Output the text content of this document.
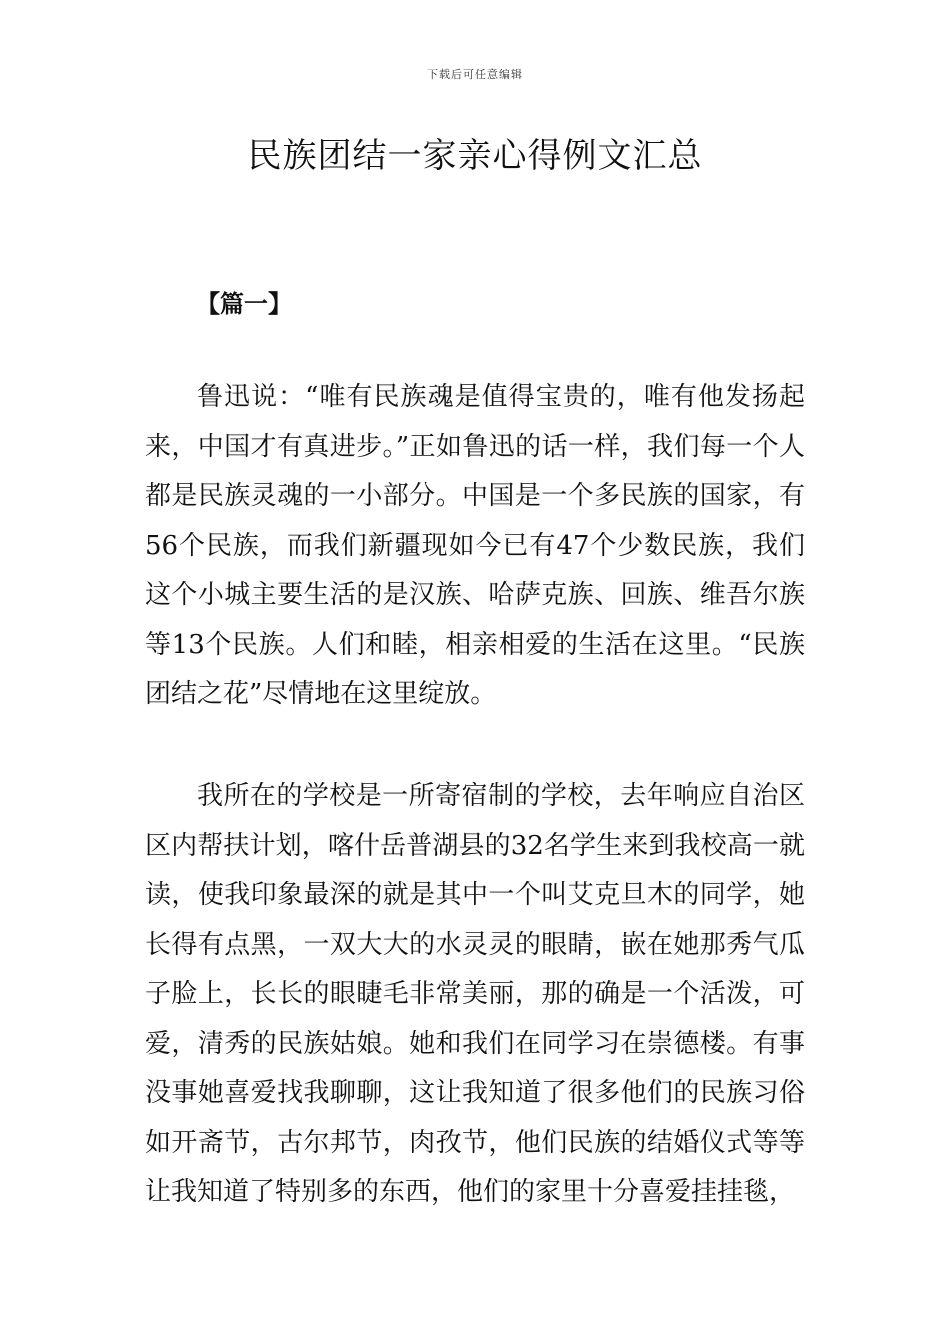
下载后可任意编辑
民族团结一家亲心得例文汇总
【篇一】

鲁迅说：“唯有民族魂是值得宝贵的，唯有他发扬起来，中国才有真进步。”正如鲁迅的话一样，我们每一个人都是民族灵魂的一小部分。中国是一个多民族的国家，有56个民族，而我们新疆现如今已有47个少数民族，我们这个小城主要生活的是汉族、哈萨克族、回族、维吾尔族等13个民族。人们和睦，相亲相爱的生活在这里。“民族团结之花”尽情地在这里绽放。

我所在的学校是一所寄宿制的学校，去年响应自治区区内帮扶计划，喀什岳普湖县的32名学生来到我校高一就读，使我印象最深的就是其中一个叫艾克旦木的同学，她长得有点黑，一双大大的水灵灵的眼睛，嵌在她那秀气瓜子脸上，长长的眼睫毛非常美丽，那的确是一个活泼，可爱，清秀的民族姑娘。她和我们在同学习在崇德楼。有事没事她喜爱找我聊聊，这让我知道了很多他们的民族习俗如开斋节，古尔邦节，肉孜节，他们民族的结婚仪式等等让我知道了特别多的东西，他们的家里十分喜爱挂挂毯，
